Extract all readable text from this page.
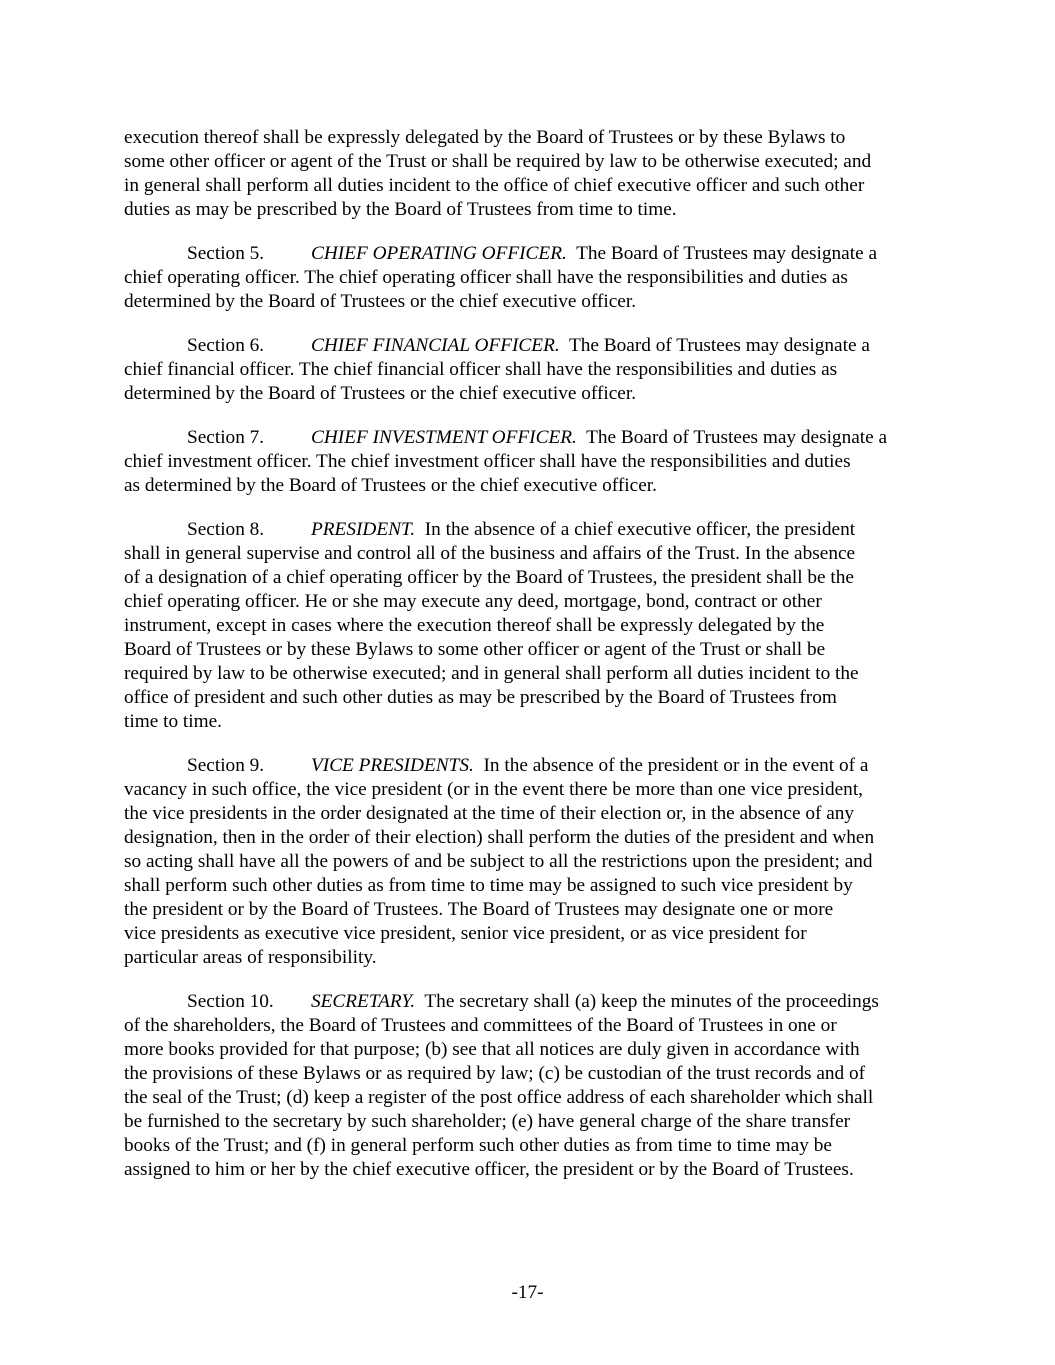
execution thereof shall be expressly delegated by the Board of Trustees or by these Bylaws to
some other officer or agent of the Trust or shall be required by law to be otherwise executed; and
in general shall perform all duties incident to the office of chief executive officer and such other
duties as may be prescribed by the Board of Trustees from time to time.

Section 5. CHIEF OPERATING OFFICER.  The Board of Trustees may designate a
chief operating officer. The chief operating officer shall have the responsibilities and duties as
determined by the Board of Trustees or the chief executive officer.

Section 6. CHIEF FINANCIAL OFFICER.  The Board of Trustees may designate a
chief financial officer. The chief financial officer shall have the responsibilities and duties as
determined by the Board of Trustees or the chief executive officer.

Section 7. CHIEF INVESTMENT OFFICER.  The Board of Trustees may designate a
chief investment officer. The chief investment officer shall have the responsibilities and duties
as determined by the Board of Trustees or the chief executive officer.

Section 8. PRESIDENT.  In the absence of a chief executive officer, the president
shall in general supervise and control all of the business and affairs of the Trust. In the absence
of a designation of a chief operating officer by the Board of Trustees, the president shall be the
chief operating officer. He or she may execute any deed, mortgage, bond, contract or other
instrument, except in cases where the execution thereof shall be expressly delegated by the
Board of Trustees or by these Bylaws to some other officer or agent of the Trust or shall be
required by law to be otherwise executed; and in general shall perform all duties incident to the
office of president and such other duties as may be prescribed by the Board of Trustees from
time to time.

Section 9. VICE PRESIDENTS.  In the absence of the president or in the event of a
vacancy in such office, the vice president (or in the event there be more than one vice president,
the vice presidents in the order designated at the time of their election or, in the absence of any
designation, then in the order of their election) shall perform the duties of the president and when
so acting shall have all the powers of and be subject to all the restrictions upon the president; and
shall perform such other duties as from time to time may be assigned to such vice president by
the president or by the Board of Trustees. The Board of Trustees may designate one or more
vice presidents as executive vice president, senior vice president, or as vice president for
particular areas of responsibility.

Section 10. SECRETARY.  The secretary shall (a) keep the minutes of the proceedings
of the shareholders, the Board of Trustees and committees of the Board of Trustees in one or
more books provided for that purpose; (b) see that all notices are duly given in accordance with
the provisions of these Bylaws or as required by law; (c) be custodian of the trust records and of
the seal of the Trust; (d) keep a register of the post office address of each shareholder which shall
be furnished to the secretary by such shareholder; (e) have general charge of the share transfer
books of the Trust; and (f) in general perform such other duties as from time to time may be
assigned to him or her by the chief executive officer, the president or by the Board of Trustees.

-17-
